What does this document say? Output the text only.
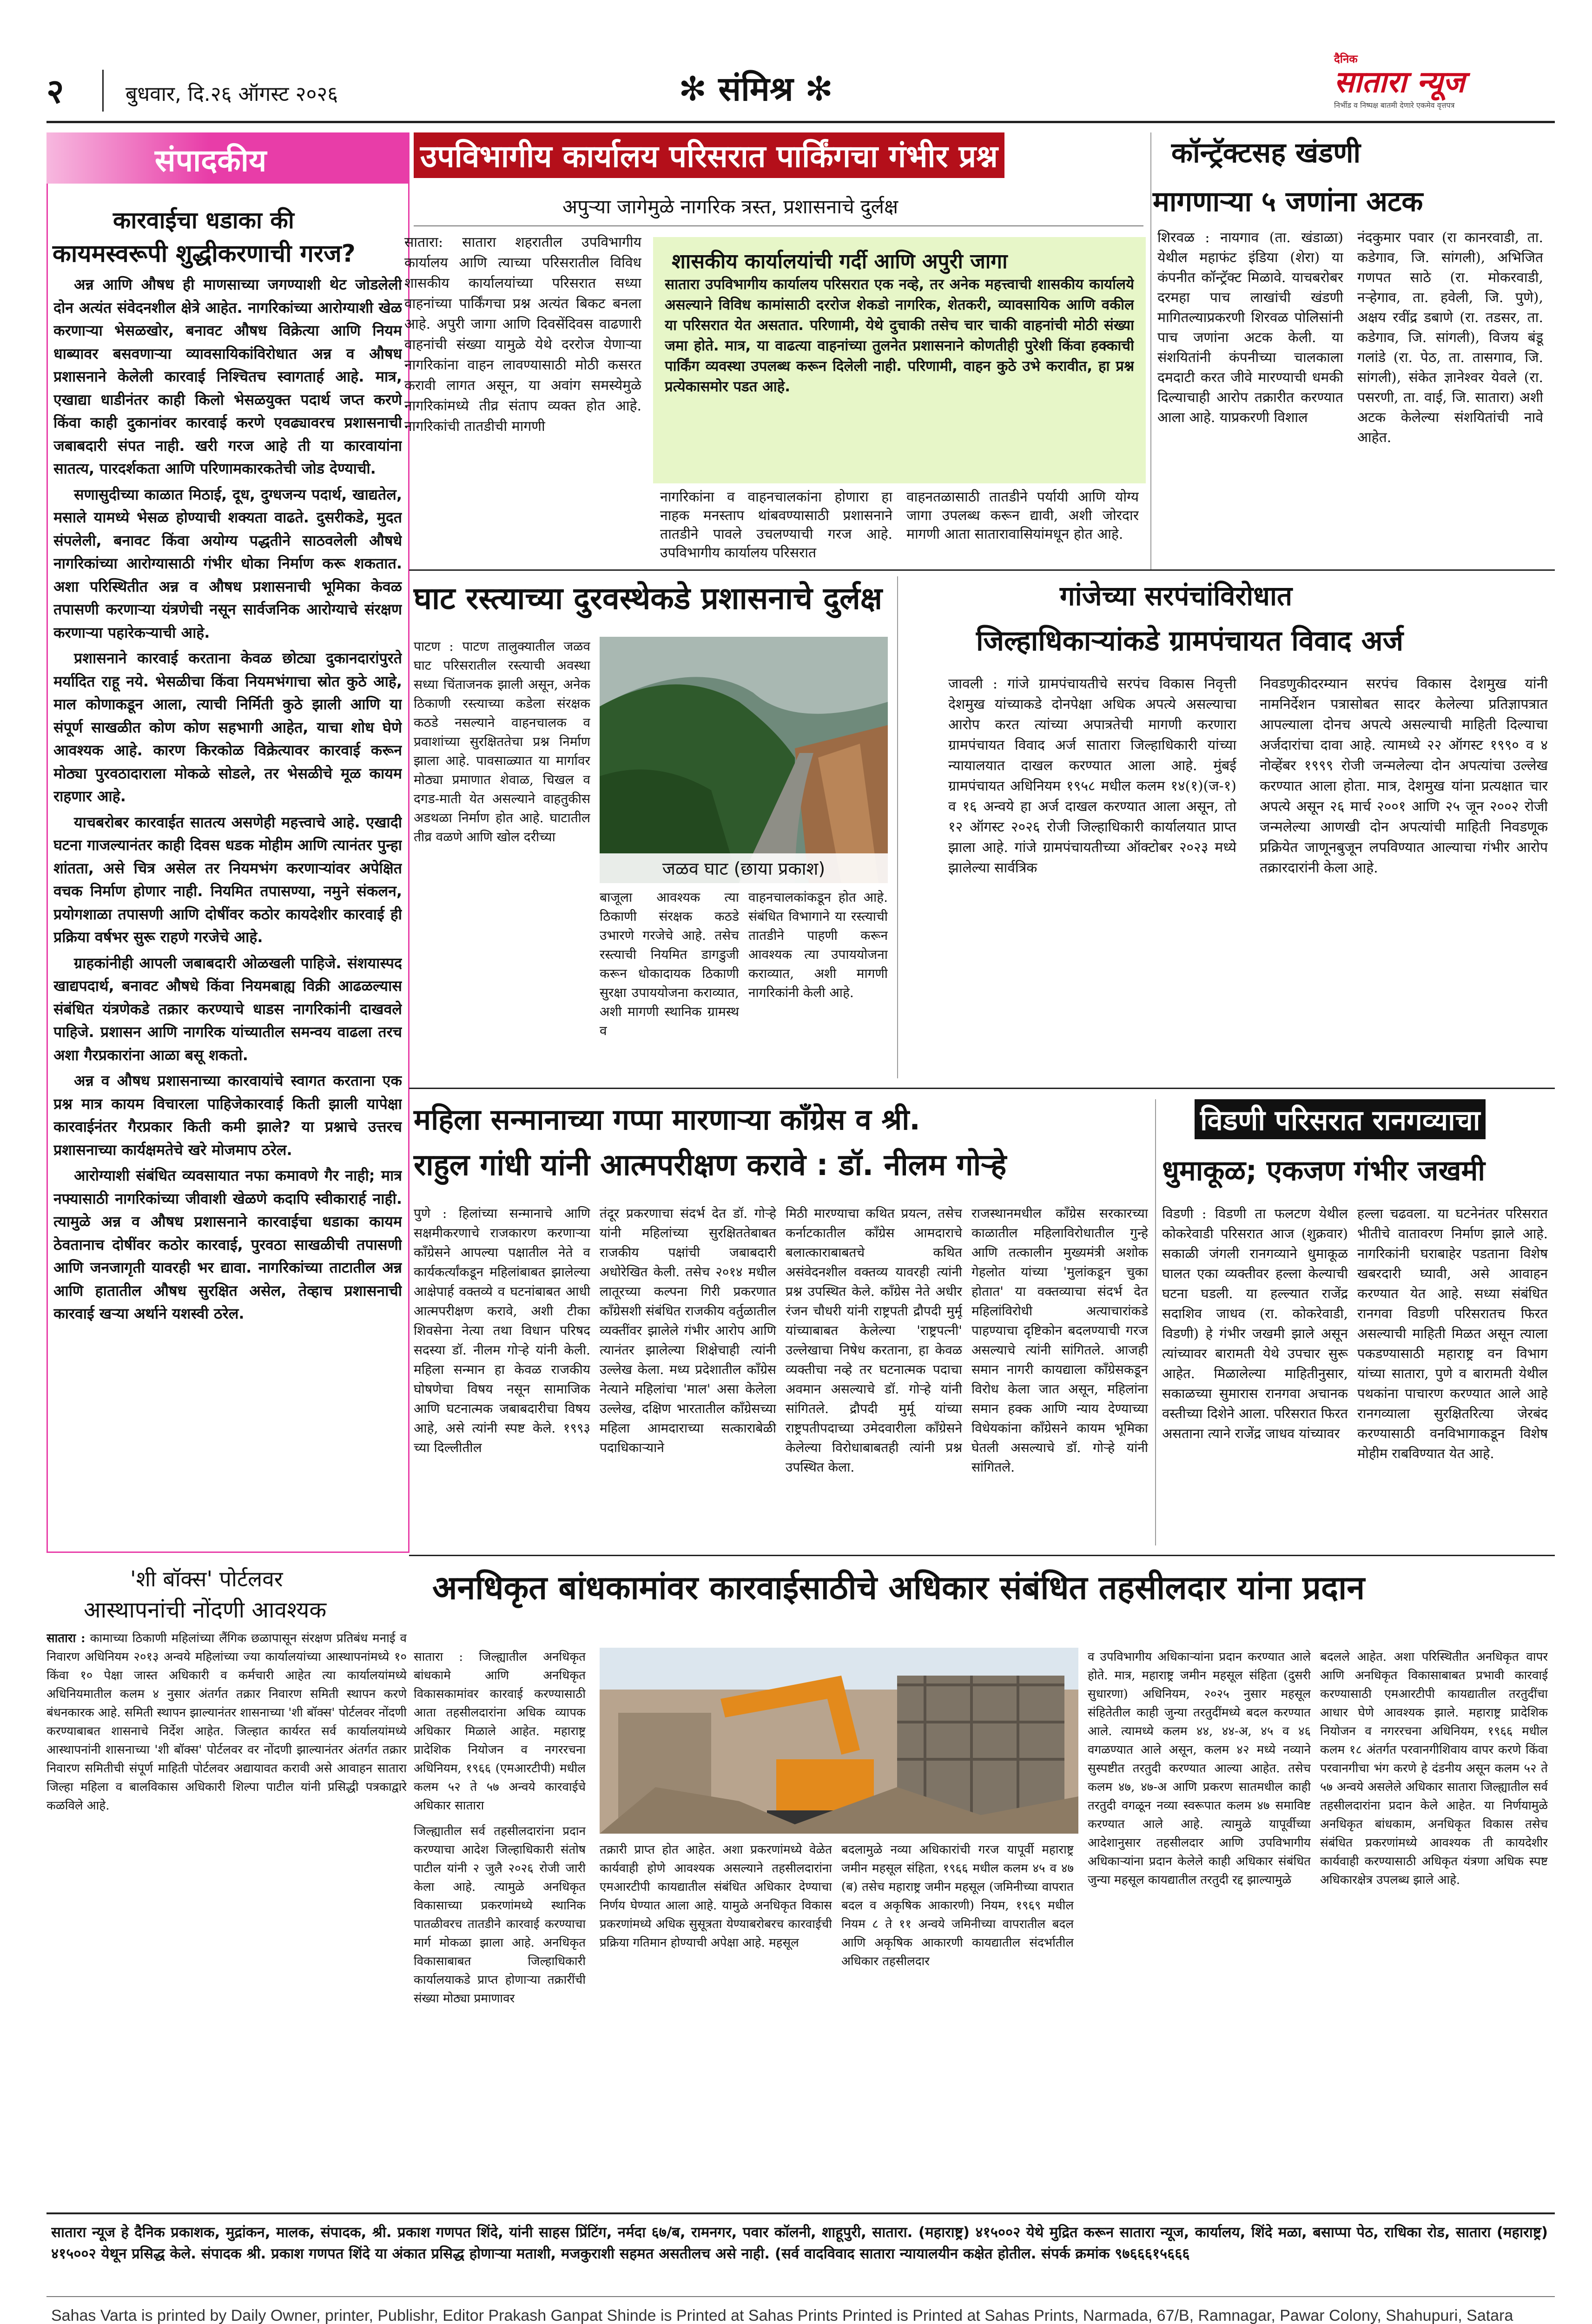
२	बुधवार, दि.२६ ऑगस्ट २०२६	✻ संमिश्र ✻
दैनिक
सातारा न्यूज
निर्भीड व निष्पक्ष बातमी देणारे एकमेव वृत्तपत्र
संपादकीय
कारवाईचा धडाका की
कायमस्वरूपी शुद्धीकरणाची गरज?

अन्न आणि औषध ही माणसाच्या जगण्याशी थेट जोडलेली दोन अत्यंत संवेदनशील क्षेत्रे आहेत. नागरिकांच्या आरोग्याशी खेळ करणाऱ्या भेसळखोर, बनावट औषध विक्रेत्या आणि नियम धाब्यावर बसवणाऱ्या व्यावसायिकांविरोधात अन्न व औषध प्रशासनाने केलेली कारवाई निश्चितच स्वागतार्ह आहे. मात्र, एखाद्या धाडीनंतर काही किलो भेसळयुक्त पदार्थ जप्त करणे किंवा काही दुकानांवर कारवाई करणे एवढ्यावरच प्रशासनाची जबाबदारी संपत नाही. खरी गरज आहे ती या कारवायांना सातत्य, पारदर्शकता आणि परिणामकारकतेची जोड देण्याची.

सणासुदीच्या काळात मिठाई, दूध, दुग्धजन्य पदार्थ, खाद्यतेल, मसाले यामध्ये भेसळ होण्याची शक्यता वाढते. दुसरीकडे, मुदत संपलेली, बनावट किंवा अयोग्य पद्धतीने साठवलेली औषधे नागरिकांच्या आरोग्यासाठी गंभीर धोका निर्माण करू शकतात. अशा परिस्थितीत अन्न व औषध प्रशासनाची भूमिका केवळ तपासणी करणाऱ्या यंत्रणेची नसून सार्वजनिक आरोग्याचे संरक्षण करणाऱ्या पहारेकऱ्याची आहे.

प्रशासनाने कारवाई करताना केवळ छोट्या दुकानदारांपुरते मर्यादित राहू नये. भेसळीचा किंवा नियमभंगाचा स्रोत कुठे आहे, माल कोणाकडून आला, त्याची निर्मिती कुठे झाली आणि या संपूर्ण साखळीत कोण कोण सहभागी आहेत, याचा शोध घेणे आवश्यक आहे. कारण किरकोळ विक्रेत्यावर कारवाई करून मोठ्या पुरवठादाराला मोकळे सोडले, तर भेसळीचे मूळ कायम राहणार आहे.

याचबरोबर कारवाईत सातत्य असणेही महत्त्वाचे आहे. एखादी घटना गाजल्यानंतर काही दिवस धडक मोहीम आणि त्यानंतर पुन्हा शांतता, असे चित्र असेल तर नियमभंग करणाऱ्यांवर अपेक्षित वचक निर्माण होणार नाही. नियमित तपासण्या, नमुने संकलन, प्रयोगशाळा तपासणी आणि दोषींवर कठोर कायदेशीर कारवाई ही प्रक्रिया वर्षभर सुरू राहणे गरजेचे आहे.

ग्राहकांनीही आपली जबाबदारी ओळखली पाहिजे. संशयास्पद खाद्यपदार्थ, बनावट औषधे किंवा नियमबाह्य विक्री आढळल्यास संबंधित यंत्रणेकडे तक्रार करण्याचे धाडस नागरिकांनी दाखवले पाहिजे. प्रशासन आणि नागरिक यांच्यातील समन्वय वाढला तरच अशा गैरप्रकारांना आळा बसू शकतो.

अन्न व औषध प्रशासनाच्या कारवायांचे स्वागत करताना एक प्रश्न मात्र कायम विचारला पाहिजेकारवाई किती झाली यापेक्षा कारवाईनंतर गैरप्रकार किती कमी झाले? या प्रश्नाचे उत्तरच प्रशासनाच्या कार्यक्षमतेचे खरे मोजमाप ठरेल.

आरोग्याशी संबंधित व्यवसायात नफा कमावणे गैर नाही; मात्र नफ्यासाठी नागरिकांच्या जीवाशी खेळणे कदापि स्वीकारार्ह नाही. त्यामुळे अन्न व औषध प्रशासनाने कारवाईचा धडाका कायम ठेवतानाच दोषींवर कठोर कारवाई, पुरवठा साखळीची तपासणी आणि जनजागृती यावरही भर द्यावा. नागरिकांच्या ताटातील अन्न आणि हातातील औषध सुरक्षित असेल, तेव्हाच प्रशासनाची कारवाई खऱ्या अर्थाने यशस्वी ठरेल.

'शी बॉक्स' पोर्टलवर
आस्थापनांची नोंदणी आवश्यक
सातारा : कामाच्या ठिकाणी महिलांच्या लैंगिक छळापासून संरक्षण प्रतिबंध मनाई व निवारण अधिनियम २०१३ अन्वये महिलांच्या ज्या कार्यालयांच्या आस्थापनांमध्ये १० किंवा १० पेक्षा जास्त अधिकारी व कर्मचारी आहेत त्या कार्यालयांमध्ये अधिनियमातील कलम ४ नुसार अंतर्गत तक्रार निवारण समिती स्थापन करणे बंधनकारक आहे. समिती स्थापन झाल्यानंतर शासनाच्या 'शी बॉक्स' पोर्टलवर नोंदणी करण्याबाबत शासनाचे निर्देश आहेत. जिल्हात कार्यरत सर्व कार्यालयांमध्ये आस्थापनांनी शासनाच्या 'शी बॉक्स' पोर्टलवर वर नोंदणी झाल्यानंतर अंतर्गत तक्रार निवारण समितीची संपूर्ण माहिती पोर्टलवर अद्यायावत करावी असे आवाहन सातारा जिल्हा महिला व बालविकास अधिकारी शिल्पा पाटील यांनी प्रसिद्धी पत्रकाद्वारे कळविले आहे.
उपविभागीय कार्यालय परिसरात पार्किंगचा गंभीर प्रश्न
अपुऱ्या जागेमुळे नागरिक त्रस्त, प्रशासनाचे दुर्लक्ष
सातारा: सातारा शहरातील उपविभागीय कार्यालय आणि त्याच्या परिसरातील विविध शासकीय कार्यालयांच्या परिसरात सध्या वाहनांच्या पार्किंगचा प्रश्न अत्यंत बिकट बनला आहे. अपुरी जागा आणि दिवसेंदिवस वाढणारी वाहनांची संख्या यामुळे येथे दररोज येणाऱ्या नागरिकांना वाहन लावण्यासाठी मोठी कसरत करावी लागत असून, या अवांग समस्येमुळे नागरिकांमध्ये तीव्र संताप व्यक्त होत आहे. नागरिकांची तातडीची मागणी
शासकीय कार्यालयांची गर्दी आणि अपुरी जागा
सातारा उपविभागीय कार्यालय परिसरात एक नव्हे, तर अनेक महत्त्वाची शासकीय कार्यालये असल्याने विविध कामांसाठी दररोज शेकडो नागरिक, शेतकरी, व्यावसायिक आणि वकील या परिसरात येत असतात. परिणामी, येथे दुचाकी तसेच चार चाकी वाहनांची मोठी संख्या जमा होते. मात्र, या वाढत्या वाहनांच्या तुलनेत प्रशासनाने कोणतीही पुरेशी किंवा हक्काची पार्किंग व्यवस्था उपलब्ध करून दिलेली नाही. परिणामी, वाहन कुठे उभे करावीत, हा प्रश्न प्रत्येकासमोर पडत आहे.
नागरिकांना व वाहनचालकांना होणारा हा नाहक मनस्ताप थांबवण्यासाठी प्रशासनाने तातडीने पावले उचलण्याची गरज आहे. उपविभागीय कार्यालय परिसरात
वाहनतळासाठी तातडीने पर्यायी आणि योग्य जागा उपलब्ध करून द्यावी, अशी जोरदार मागणी आता सातारावासियांमधून होत आहे.
कॉन्ट्रॅक्टसह खंडणी
मागणाऱ्या ५ जणांना अटक
शिरवळ : नायगाव (ता. खंडाळा) येथील महाफंट इंडिया (शेरा) या कंपनीत कॉन्ट्रॅक्ट मिळावे. याचबरोबर दरमहा पाच लाखांची खंडणी मागितल्याप्रकरणी शिरवळ पोलिसांनी पाच जणांना अटक केली. या संशयितांनी कंपनीच्या चालकाला दमदाटी करत जीवे मारण्याची धमकी दिल्याचाही आरोप तक्रारीत करण्यात आला आहे. याप्रकरणी विशाल
नंदकुमार पवार (रा कानरवाडी, ता. कडेगाव, जि. सांगली), अभिजित गणपत साठे (रा. मोकरवाडी, नऱ्हेगाव, ता. हवेली, जि. पुणे), अक्षय रवींद्र डबाणे (रा. तडसर, ता. कडेगाव, जि. सांगली), विजय बंडू गलांडे (रा. पेठ, ता. तासगाव, जि. सांगली), संकेत ज्ञानेश्वर येवले (रा. पसरणी, ता. वाई, जि. सातारा) अशी अटक केलेल्या संशयितांची नावे आहेत.
घाट रस्त्याच्या दुरवस्थेकडे प्रशासनाचे दुर्लक्ष
पाटण : पाटण तालुक्यातील जळव घाट परिसरातील रस्त्याची अवस्था सध्या चिंताजनक झाली असून, अनेक ठिकाणी रस्त्याच्या कडेला संरक्षक कठडे नसल्याने वाहनचालक व प्रवाशांच्या सुरक्षिततेचा प्रश्न निर्माण झाला आहे. पावसाळ्यात या मार्गावर मोठ्या प्रमाणात शेवाळ, चिखल व दगड-माती येत असल्याने वाहतुकीस अडथळा निर्माण होत आहे. घाटातील तीव्र वळणे आणि खोल दरीच्या
जळव घाट (छाया प्रकाश)
बाजूला आवश्यक त्या ठिकाणी संरक्षक कठडे उभारणे गरजेचे आहे. तसेच रस्त्याची नियमित डागडुजी करून धोकादायक ठिकाणी सुरक्षा उपाययोजना कराव्यात, अशी मागणी स्थानिक ग्रामस्थ व
वाहनचालकांकडून होत आहे. संबंधित विभागाने या रस्त्याची तातडीने पाहणी करून आवश्यक त्या उपाययोजना कराव्यात, अशी मागणी नागरिकांनी केली आहे.
गांजेच्या सरपंचांविरोधात
जिल्हाधिकाऱ्यांकडे ग्रामपंचायत विवाद अर्ज
जावली : गांजे ग्रामपंचायतीचे सरपंच विकास निवृत्ती देशमुख यांच्याकडे दोनपेक्षा अधिक अपत्ये असल्याचा आरोप करत त्यांच्या अपात्रतेची मागणी करणारा ग्रामपंचायत विवाद अर्ज सातारा जिल्हाधिकारी यांच्या न्यायालयात दाखल करण्यात आला आहे. मुंबई ग्रामपंचायत अधिनियम १९५८ मधील कलम १४(१)(ज-१) व १६ अन्वये हा अर्ज दाखल करण्यात आला असून, तो १२ ऑगस्ट २०२६ रोजी जिल्हाधिकारी कार्यालयात प्राप्त झाला आहे. गांजे ग्रामपंचायतीच्या ऑक्टोबर २०२३ मध्ये झालेल्या सार्वत्रिक
निवडणुकीदरम्यान सरपंच विकास देशमुख यांनी नामनिर्देशन पत्रासोबत सादर केलेल्या प्रतिज्ञापत्रात आपल्याला दोनच अपत्ये असल्याची माहिती दिल्याचा अर्जदारांचा दावा आहे. त्यामध्ये २२ ऑगस्ट १९९० व ४ नोव्हेंबर १९९९ रोजी जन्मलेल्या दोन अपत्यांचा उल्लेख करण्यात आला होता. मात्र, देशमुख यांना प्रत्यक्षात चार अपत्ये असून २६ मार्च २००१ आणि २५ जून २००२ रोजी जन्मलेल्या आणखी दोन अपत्यांची माहिती निवडणूक प्रक्रियेत जाणूनबुजून लपविण्यात आल्याचा गंभीर आरोप तक्रारदारांनी केला आहे.
महिला सन्मानाच्या गप्पा मारणाऱ्या काँग्रेस व श्री.
राहुल गांधी यांनी आत्मपरीक्षण करावे : डॉ. नीलम गोऱ्हे
पुणे : हिलांच्या सन्मानाचे आणि सक्षमीकरणाचे राजकारण करणाऱ्या काँग्रेसने आपल्या पक्षातील नेते व कार्यकर्त्यांकडून महिलांबाबत झालेल्या आक्षेपार्ह वक्तव्ये व घटनांबाबत आधी आत्मपरीक्षण करावे, अशी टीका शिवसेना नेत्या तथा विधान परिषद सदस्या डॉ. नीलम गोऱ्हे यांनी केली. महिला सन्मान हा केवळ राजकीय घोषणेचा विषय नसून सामाजिक आणि घटनात्मक जबाबदारीचा विषय आहे, असे त्यांनी स्पष्ट केले. १९९३ च्या दिल्लीतील
तंदूर प्रकरणाचा संदर्भ देत डॉ. गोऱ्हे यांनी महिलांच्या सुरक्षिततेबाबत राजकीय पक्षांची जबाबदारी अधोरेखित केली. तसेच २०१४ मधील लातूरच्या कल्पना गिरी प्रकरणात काँग्रेसशी संबंधित राजकीय वर्तुळातील व्यक्तींवर झालेले गंभीर आरोप आणि त्यानंतर झालेल्या शिक्षेचाही त्यांनी उल्लेख केला. मध्य प्रदेशातील काँग्रेस नेत्याने महिलांचा 'माल' असा केलेला उल्लेख, दक्षिण भारतातील काँग्रेसच्या महिला आमदाराच्या सत्काराबेळी पदाधिकाऱ्याने
मिठी मारण्याचा कथित प्रयत्न, तसेच कर्नाटकातील काँग्रेस आमदाराचे बलात्काराबाबतचे कथित असंवेदनशील वक्तव्य यावरही त्यांनी प्रश्न उपस्थित केले. काँग्रेस नेते अधीर रंजन चौधरी यांनी राष्ट्रपती द्रौपदी मुर्मू यांच्याबाबत केलेल्या 'राष्ट्रपत्नी' उल्लेखाचा निषेध करताना, हा केवळ व्यक्तीचा नव्हे तर घटनात्मक पदाचा अवमान असल्याचे डॉ. गोऱ्हे यांनी सांगितले. द्रौपदी मुर्मू यांच्या राष्ट्रपतीपदाच्या उमेदवारीला काँग्रेसने केलेल्या विरोधाबाबतही त्यांनी प्रश्न उपस्थित केला.
राजस्थानमधील काँग्रेस सरकारच्या काळातील महिलाविरोधातील गुन्हे आणि तत्कालीन मुख्यमंत्री अशोक गेहलोत यांच्या 'मुलांकडून चुका होतात' या वक्तव्याचा संदर्भ देत महिलांविरोधी अत्याचारांकडे पाहण्याचा दृष्टिकोन बदलण्याची गरज असल्याचे त्यांनी सांगितले. आजही समान नागरी कायद्याला काँग्रेसकडून विरोध केला जात असून, महिलांना समान हक्क आणि न्याय देण्याच्या विधेयकांना काँग्रेसने कायम भूमिका घेतली असल्याचे डॉ. गोऱ्हे यांनी सांगितले.
विडणी परिसरात रानगव्याचा
धुमाकूळ; एकजण गंभीर जखमी
विडणी : विडणी ता फलटण येथील कोकरेवाडी परिसरात आज (शुक्रवार) सकाळी जंगली रानगव्याने धुमाकूळ घालत एका व्यक्तीवर हल्ला केल्याची घटना घडली. या हल्ल्यात राजेंद्र सदाशिव जाधव (रा. कोकरेवाडी, विडणी) हे गंभीर जखमी झाले असून त्यांच्यावर बारामती येथे उपचार सुरू आहेत. मिळालेल्या माहितीनुसार, सकाळच्या सुमारास रानगवा अचानक वस्तीच्या दिशेने आला. परिसरात फिरत असताना त्याने राजेंद्र जाधव यांच्यावर
हल्ला चढवला. या घटनेनंतर परिसरात भीतीचे वातावरण निर्माण झाले आहे. नागरिकांनी घराबाहेर पडताना विशेष खबरदारी घ्यावी, असे आवाहन करण्यात येत आहे. सध्या संबंधित रानगवा विडणी परिसरातच फिरत असल्याची माहिती मिळत असून त्याला पकडण्यासाठी महाराष्ट्र वन विभाग यांच्या सातारा, पुणे व बारामती येथील पथकांना पाचारण करण्यात आले आहे रानगव्याला सुरक्षितरित्या जेरबंद करण्यासाठी वनविभागाकडून विशेष मोहीम राबविण्यात येत आहे.
अनधिकृत बांधकामांवर कारवाईसाठीचे अधिकार संबंधित तहसीलदार यांना प्रदान
सातारा : जिल्ह्यातील अनधिकृत बांधकामे आणि अनधिकृत विकासकामांवर कारवाई करण्यासाठी आता तहसीलदारांना अधिक व्यापक अधिकार मिळाले आहेत. महाराष्ट्र प्रादेशिक नियोजन व नगररचना अधिनियम, १९६६ (एमआरटीपी) मधील कलम ५२ ते ५७ अन्वये कारवाईचे अधिकार सातारा
जिल्ह्यातील सर्व तहसीलदारांना प्रदान करण्याचा आदेश जिल्हाधिकारी संतोष पाटील यांनी २ जुलै २०२६ रोजी जारी केला आहे. त्यामुळे अनधिकृत विकासाच्या प्रकरणांमध्ये स्थानिक पातळीवरच तातडीने कारवाई करण्याचा मार्ग मोकळा झाला आहे. अनधिकृत विकासाबाबत जिल्हाधिकारी कार्यालयाकडे प्राप्त होणाऱ्या तक्रारींची संख्या मोठ्या प्रमाणावर
तक्रारी प्राप्त होत आहेत. अशा प्रकरणांमध्ये वेळेत कार्यवाही होणे आवश्यक असल्याने तहसीलदारांना एमआरटीपी कायद्यातील संबंधित अधिकार देण्याचा निर्णय घेण्यात आला आहे. यामुळे अनधिकृत विकास प्रकरणांमध्ये अधिक सुसूत्रता येण्याबरोबरच कारवाईची प्रक्रिया गतिमान होण्याची अपेक्षा आहे. महसूल
बदलामुळे नव्या अधिकारांची गरज यापूर्वी महाराष्ट्र जमीन महसूल संहिता, १९६६ मधील कलम ४५ व ४७ (ब) तसेच महाराष्ट्र जमीन महसूल (जमिनीच्या वापरात बदल व अकृषिक आकारणी) नियम, १९६९ मधील नियम ८ ते ११ अन्वये जमिनीच्या वापरातील बदल आणि अकृषिक आकारणी कायद्यातील संदर्भातील अधिकार तहसीलदार
व उपविभागीय अधिकाऱ्यांना प्रदान करण्यात आले होते. मात्र, महाराष्ट्र जमीन महसूल संहिता (दुसरी सुधारणा) अधिनियम, २०२५ नुसार महसूल संहितेतील काही जुन्या तरतुदींमध्ये बदल करण्यात आले. त्यामध्ये कलम ४४, ४४-अ, ४५ व ४६ वगळण्यात आले असून, कलम ४२ मध्ये नव्याने सुस्पष्टीत तरतुदी करण्यात आल्या आहेत. तसेच कलम ४७, ४७-अ आणि प्रकरण सातमधील काही तरतुदी वगळून नव्या स्वरूपात कलम ४७ समाविष्ट करण्यात आले आहे. त्यामुळे यापूर्वीच्या आदेशानुसार तहसीलदार आणि उपविभागीय अधिकाऱ्यांना प्रदान केलेले काही अधिकार संबंधित जुन्या महसूल कायद्यातील तरतुदी रद्द झाल्यामुळे
बदलले आहेत. अशा परिस्थितीत अनधिकृत वापर आणि अनधिकृत विकासाबाबत प्रभावी कारवाई करण्यासाठी एमआरटीपी कायद्यातील तरतुदींचा आधार घेणे आवश्यक झाले. महाराष्ट्र प्रादेशिक नियोजन व नगररचना अधिनियम, १९६६ मधील कलम १८ अंतर्गत परवानगीशिवाय वापर करणे किंवा परवानगीचा भंग करणे हे दंडनीय असून कलम ५२ ते ५७ अन्वये असलेले अधिकार सातारा जिल्ह्यातील सर्व तहसीलदारांना प्रदान केले आहेत. या निर्णयामुळे अनधिकृत बांधकाम, अनधिकृत विकास तसेच संबंधित प्रकरणांमध्ये आवश्यक ती कायदेशीर कार्यवाही करण्यासाठी अधिकृत यंत्रणा अधिक स्पष्ट अधिकारक्षेत्र उपलब्ध झाले आहे.
सातारा न्यूज हे दैनिक प्रकाशक, मुद्रांकन, मालक, संपादक, श्री. प्रकाश गणपत शिंदे, यांनी साहस प्रिंटिंग, नर्मदा ६७/ब, रामनगर, पवार कॉलनी, शाहूपुरी, सातारा. (महाराष्ट्र) ४१५००२ येथे मुद्रित करून सातारा न्यूज, कार्यालय, शिंदे मळा, बसाप्पा पेठ, राधिका रोड, सातारा (महाराष्ट्र) ४१५००२ येथून प्रसिद्ध केले. संपादक श्री. प्रकाश गणपत शिंदे या अंकात प्रसिद्ध होणाऱ्या मताशी, मजकुराशी सहमत असतीलच असे नाही. (सर्व वादविवाद सातारा न्यायालयीन कक्षेत होतील. संपर्क क्रमांक ९७६६६१५६६६
Sahas Varta is printed by Daily Owner, printer, Publishr, Editor Prakash Ganpat Shinde is Printed at Sahas Prints Printed is Printed at Sahas Prints, Narmada, 67/B, Ramnagar, Pawar Colony, Shahupuri, Satara
